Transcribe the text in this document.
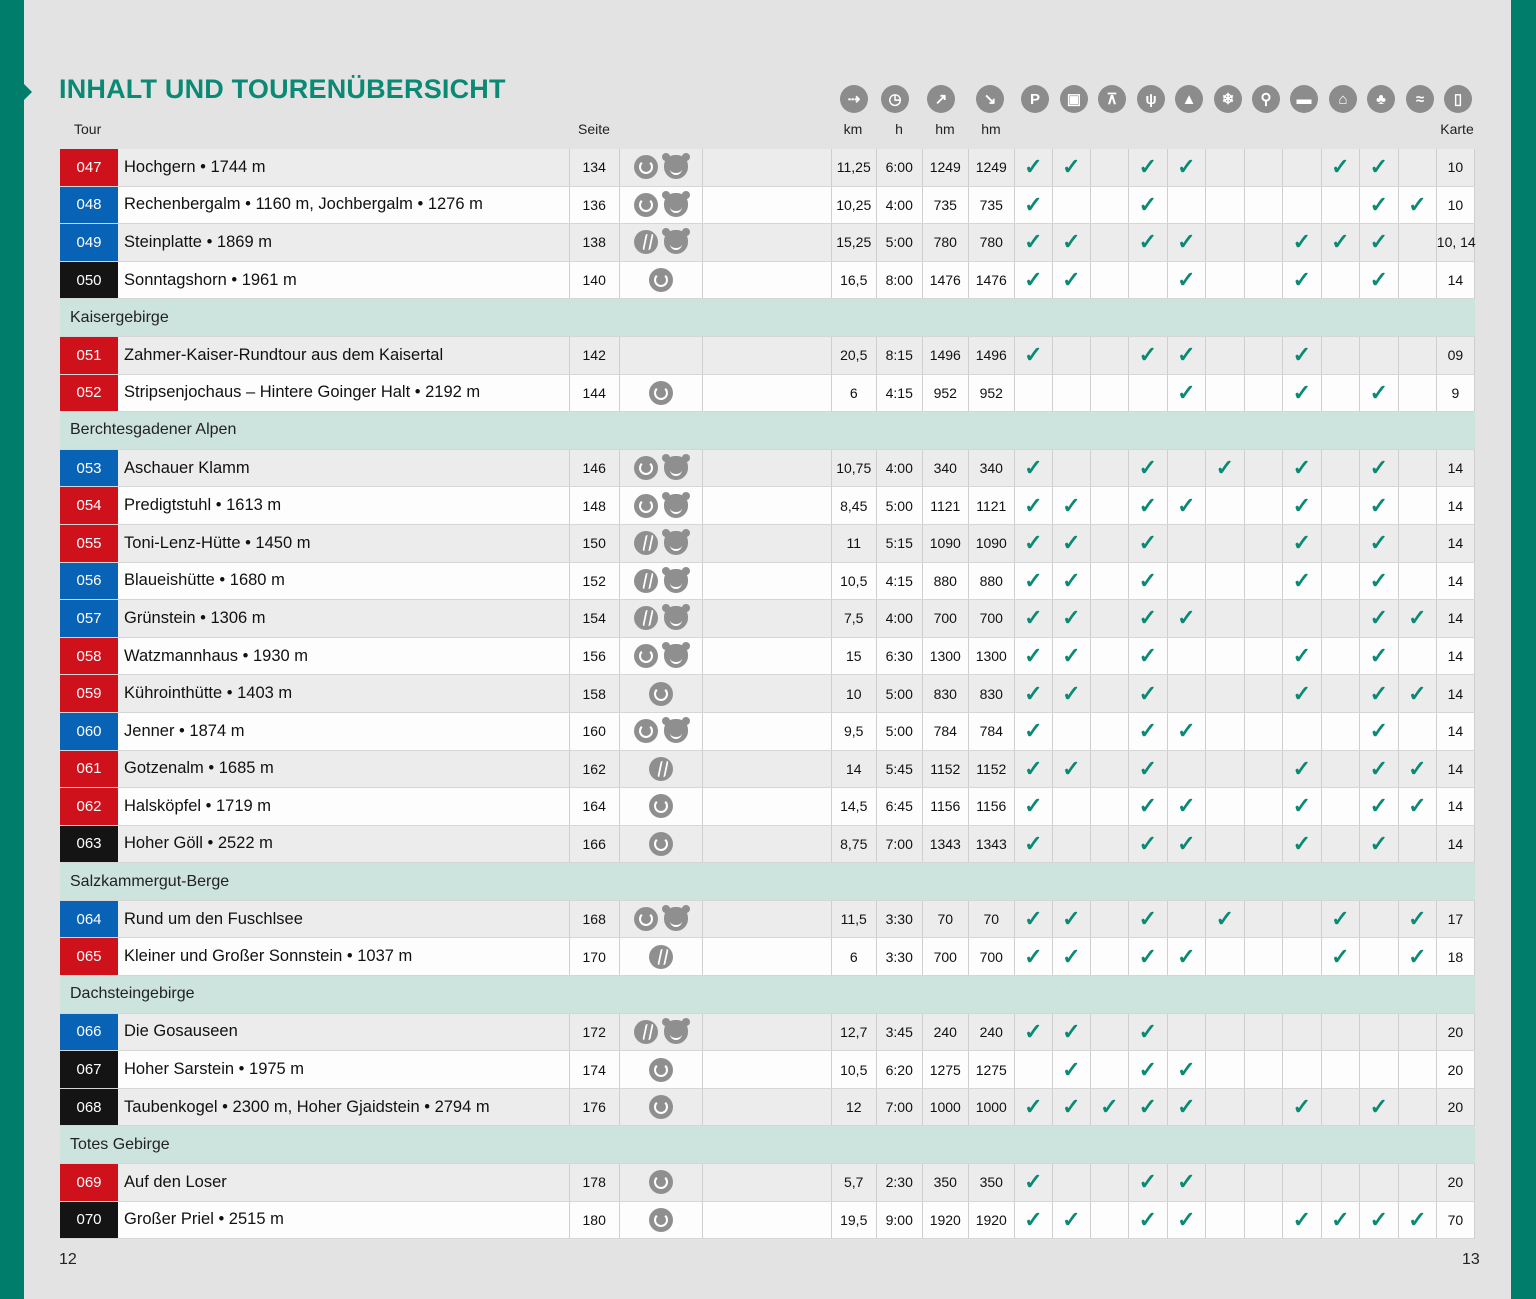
INHALT UND TOURENÜBERSICHT	⇢	◷	↗	↘	P	▣	⊼	ψ	▲	❄	⚲	▬	⌂	♣	≈	▯
Tour	Seite	km	h	hm	hm	Karte
047	Hochgern • 1744 m	134			11,25	6:00	1249	1249	✓	✓		✓	✓				✓	✓		10
048	Rechenbergalm • 1160 m, Jochbergalm • 1276 m	136			10,25	4:00	735	735	✓			✓						✓	✓	10
049	Steinplatte • 1869 m	138			15,25	5:00	780	780	✓	✓		✓	✓			✓	✓	✓		10, 14
050	Sonntagshorn • 1961 m	140			16,5	8:00	1476	1476	✓	✓			✓			✓		✓		14
Kaisergebirge																				
051	Zahmer-Kaiser-Rundtour aus dem Kaisertal	142			20,5	8:15	1496	1496	✓			✓	✓			✓				09
052	Stripsenjochaus – Hintere Goinger Halt • 2192 m	144			6	4:15	952	952					✓			✓		✓		9
Berchtesgadener Alpen																				
053	Aschauer Klamm	146			10,75	4:00	340	340	✓			✓		✓		✓		✓		14
054	Predigtstuhl • 1613 m	148			8,45	5:00	1121	1121	✓	✓		✓	✓			✓		✓		14
055	Toni-Lenz-Hütte • 1450 m	150			11	5:15	1090	1090	✓	✓		✓				✓		✓		14
056	Blaueishütte • 1680 m	152			10,5	4:15	880	880	✓	✓		✓				✓		✓		14
057	Grünstein • 1306 m	154			7,5	4:00	700	700	✓	✓		✓	✓					✓	✓	14
058	Watzmannhaus • 1930 m	156			15	6:30	1300	1300	✓	✓		✓				✓		✓		14
059	Kührointhütte • 1403 m	158			10	5:00	830	830	✓	✓		✓				✓		✓	✓	14
060	Jenner • 1874 m	160			9,5	5:00	784	784	✓			✓	✓					✓		14
061	Gotzenalm • 1685 m	162			14	5:45	1152	1152	✓	✓		✓				✓		✓	✓	14
062	Halsköpfel • 1719 m	164			14,5	6:45	1156	1156	✓			✓	✓			✓		✓	✓	14
063	Hoher Göll • 2522 m	166			8,75	7:00	1343	1343	✓			✓	✓			✓		✓		14
Salzkammergut-Berge																				
064	Rund um den Fuschlsee	168			11,5	3:30	70	70	✓	✓		✓		✓			✓		✓	17
065	Kleiner und Großer Sonnstein • 1037 m	170			6	3:30	700	700	✓	✓		✓	✓				✓		✓	18
Dachsteingebirge																				
066	Die Gosauseen	172			12,7	3:45	240	240	✓	✓		✓								20
067	Hoher Sarstein • 1975 m	174			10,5	6:20	1275	1275		✓		✓	✓							20
068	Taubenkogel • 2300 m, Hoher Gjaidstein • 2794 m	176			12	7:00	1000	1000	✓	✓	✓	✓	✓			✓		✓		20
Totes Gebirge																				
069	Auf den Loser	178			5,7	2:30	350	350	✓			✓	✓							20
070	Großer Priel • 2515 m	180			19,5	9:00	1920	1920	✓	✓		✓	✓			✓	✓	✓	✓	70
12	13
